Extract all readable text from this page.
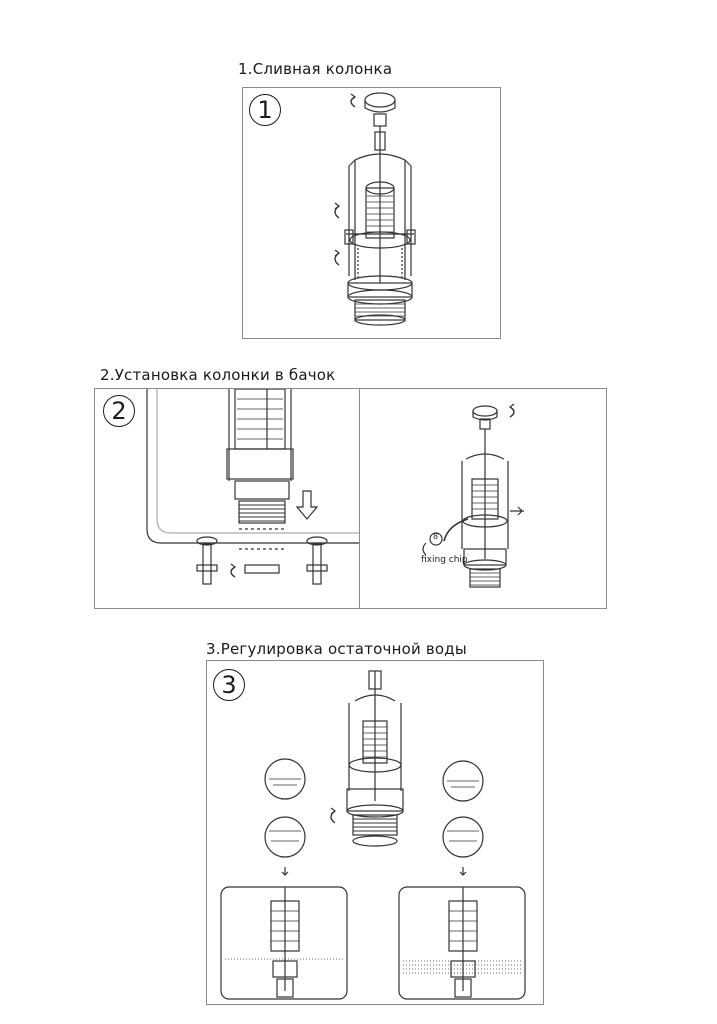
1.Сливная колонка
1
2.Установка колонки в бачок
2
8
fixing chip
3.Регулировка остаточной воды
3
